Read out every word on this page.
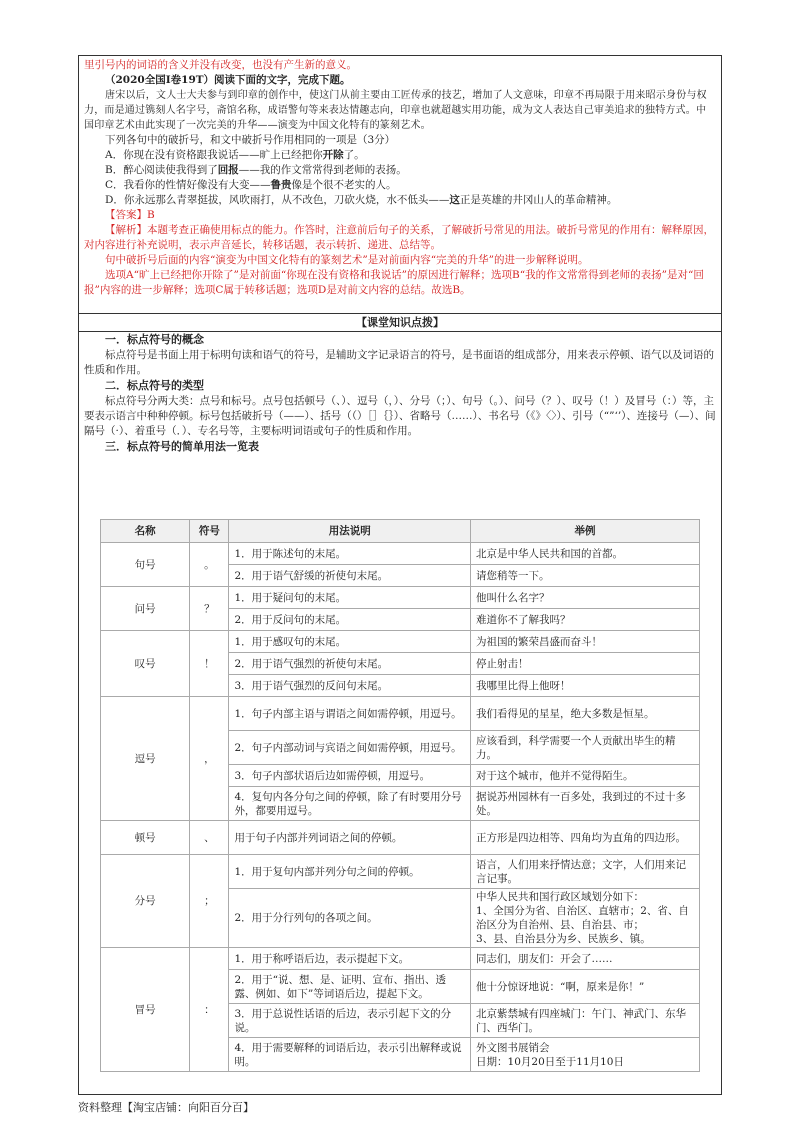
里引号内的词语的含义并没有改变，也没有产生新的意义。

（2020全国Ⅰ卷19T）阅读下面的文字，完成下题。

唐宋以后，文人士大夫参与到印章的创作中，使这门从前主要由工匠传承的技艺，增加了人文意味，印章不再局限于用来昭示身份与权力，而是通过镌刻人名字号，斋馆名称，成语警句等来表达情趣志向，印章也就超越实用功能，成为文人表达自己审美追求的独特方式。中国印章艺术由此实现了一次完美的升华——演变为中国文化特有的篆刻艺术。

下列各句中的破折号，和文中破折号作用相同的一项是（3分）

A．你现在没有资格跟我说话——旷上已经把你开除了。

B．醉心阅读使我得到了回报——我的作文常常得到老师的表扬。

C．我看你的性情好像没有大变——鲁贵像是个很不老实的人。

D．你永远那么青翠挺拔，风吹雨打，从不改色，刀砍火烧，水不低头——这正是英雄的井冈山人的革命精神。

【答案】B

【解析】本题考查正确使用标点的能力。作答时，注意前后句子的关系，了解破折号常见的用法。破折号常见的作用有：解释原因，对内容进行补充说明，表示声音延长，转移话题，表示转折、递进、总结等。

句中破折号后面的内容“演变为中国文化特有的篆刻艺术”是对前面内容“完美的升华”的进一步解释说明。

选项A“旷上已经把你开除了”是对前面“你现在没有资格和我说话”的原因进行解释；选项B“我的作文常常得到老师的表扬”是对“回报”内容的进一步解释；选项C属于转移话题；选项D是对前文内容的总结。故选B。

【课堂知识点拨】
一．标点符号的概念

标点符号是书面上用于标明句读和语气的符号，是辅助文字记录语言的符号，是书面语的组成部分，用来表示停顿、语气以及词语的性质和作用。

二．标点符号的类型

标点符号分两大类：点号和标号。点号包括顿号（、）、逗号（，）、分号（；）、句号（。）、问号（？）、叹号（！）及冒号（：）等，主要表示语言中种种停顿。标号包括破折号（——）、括号（（）［］｛｝）、省略号（……）、书名号（《》〈〉）、引号（“”‘’）、连接号（—）、间隔号（·）、着重号（．）、专名号等，主要标明词语或句子的性质和作用。

三．标点符号的简单用法一览表
名称	符号	用法说明	举例
句号	。	1．用于陈述句的末尾。	北京是中华人民共和国的首都。
		2．用于语气舒缓的祈使句末尾。	请您稍等一下。
问号	？	1．用于疑问句的末尾。	他叫什么名字？
		2．用于反问句的末尾。	难道你不了解我吗？
叹号	！	1．用于感叹句的末尾。	为祖国的繁荣昌盛而奋斗！
		2．用于语气强烈的祈使句末尾。	停止射击！
		3．用于语气强烈的反问句末尾。	我哪里比得上他呀！
逗号	，	1．句子内部主语与谓语之间如需停顿，用逗号。	我们看得见的星星，绝大多数是恒星。
		2．句子内部动词与宾语之间如需停顿，用逗号。	应该看到，科学需要一个人贡献出毕生的精力。
		3．句子内部状语后边如需停顿，用逗号。	对于这个城市，他并不觉得陌生。
		4．复句内各分句之间的停顿，除了有时要用分号外，都要用逗号。	据说苏州园林有一百多处，我到过的不过十多处。
顿号	、	用于句子内部并列词语之间的停顿。	正方形是四边相等、四角均为直角的四边形。
分号	；	1．用于复句内部并列分句之间的停顿。	语言，人们用来抒情达意；文字，人们用来记言记事。
		2．用于分行列句的各项之间。	中华人民共和国行政区域划分如下：
1、全国分为省、自治区、直辖市；2、省、自治区分为自治州、县、自治县、市；
3、县、自治县分为乡、民族乡、镇。
冒号	：	1．用于称呼语后边，表示提起下文。	同志们，朋友们：开会了……
		2．用于“说、想、是、证明、宣布、指出、透露、例如、如下”等词语后边，提起下文。	他十分惊讶地说：“啊，原来是你！”
		3．用于总说性话语的后边，表示引起下文的分说。	北京紫禁城有四座城门：午门、神武门、东华门、西华门。
		4．用于需要解释的词语后边，表示引出解释或说明。	外文图书展销会
日期：10月20日至于11月10日
资料整理【淘宝店铺：向阳百分百】
